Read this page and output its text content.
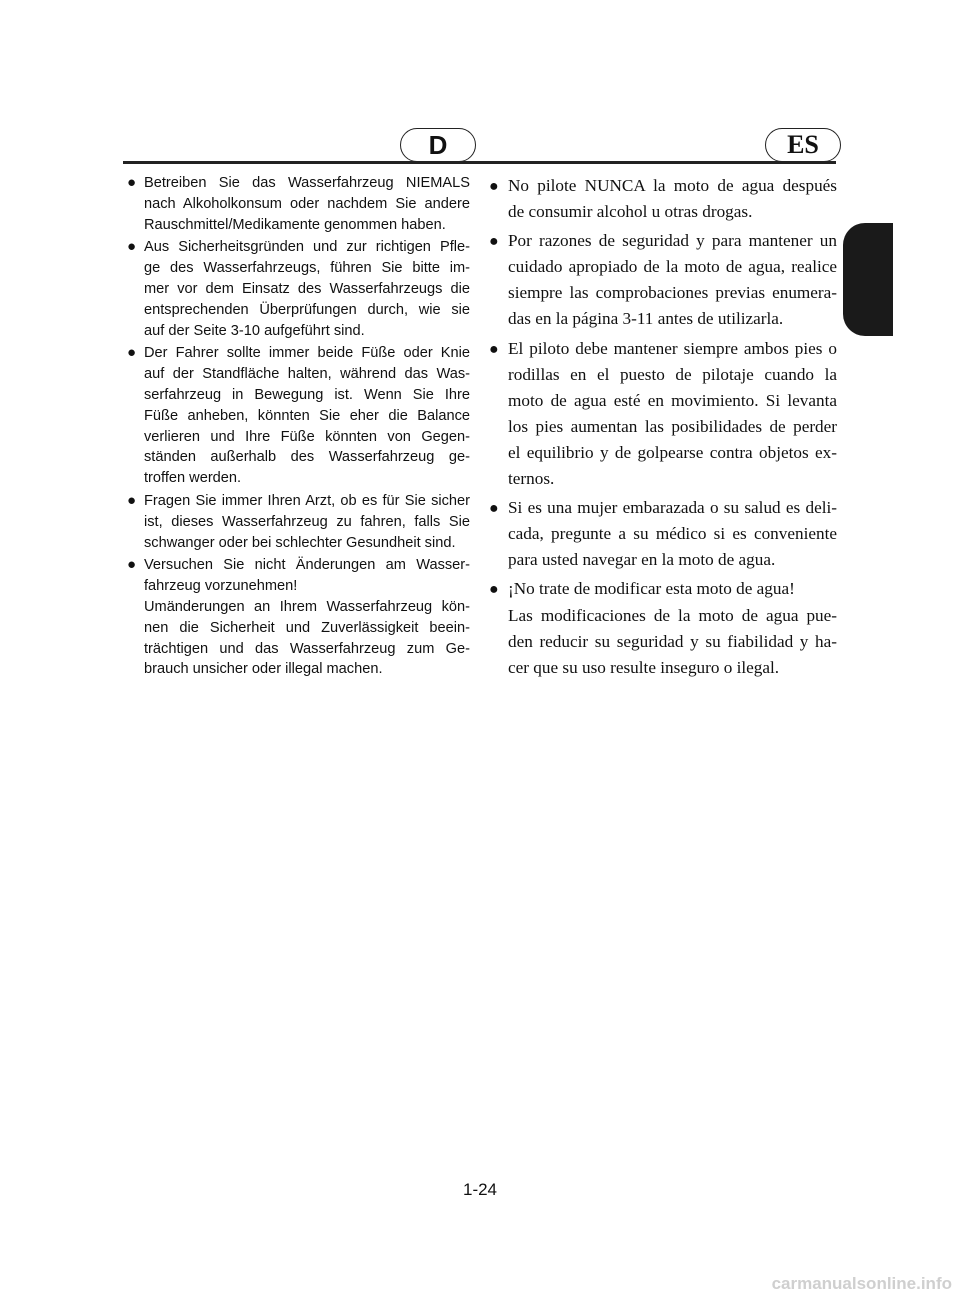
D	ES
● Betreiben Sie das Wasserfahrzeug NIEMALS
nach Alkoholkonsum oder nachdem Sie andere
Rauschmittel/Medikamente genommen haben.
● Aus Sicherheitsgründen und zur richtigen Pfle-
ge des Wasserfahrzeugs, führen Sie bitte im-
mer vor dem Einsatz des Wasserfahrzeugs die
entsprechenden Überprüfungen durch, wie sie
auf der Seite 3-10 aufgeführt sind.
● Der Fahrer sollte immer beide Füße oder Knie
auf der Standfläche halten, während das Was-
serfahrzeug in Bewegung ist. Wenn Sie Ihre
Füße anheben, könnten Sie eher die Balance
verlieren und Ihre Füße könnten von Gegen-
ständen außerhalb des Wasserfahrzeug ge-
troffen werden.
● Fragen Sie immer Ihren Arzt, ob es für Sie sicher
ist, dieses Wasserfahrzeug zu fahren, falls Sie
schwanger oder bei schlechter Gesundheit sind.
● Versuchen Sie nicht Änderungen am Wasser-
fahrzeug vorzunehmen!
Umänderungen an Ihrem Wasserfahrzeug kön-
nen die Sicherheit und Zuverlässigkeit beein-
trächtigen und das Wasserfahrzeug zum Ge-
brauch unsicher oder illegal machen.
● No pilote NUNCA la moto de agua después
de consumir alcohol u otras drogas.
● Por razones de seguridad y para mantener un
cuidado apropiado de la moto de agua, realice
siempre las comprobaciones previas enumera-
das en la página 3-11 antes de utilizarla.
● El piloto debe mantener siempre ambos pies o
rodillas en el puesto de pilotaje cuando la
moto de agua esté en movimiento. Si levanta
los pies aumentan las posibilidades de perder
el equilibrio y de golpearse contra objetos ex-
ternos.
● Si es una mujer embarazada o su salud es deli-
cada, pregunte a su médico si es conveniente
para usted navegar en la moto de agua.
● ¡No trate de modificar esta moto de agua!
Las modificaciones de la moto de agua pue-
den reducir su seguridad y su fiabilidad y ha-
cer que su uso resulte inseguro o ilegal.
1-24
carmanualsonline.info
